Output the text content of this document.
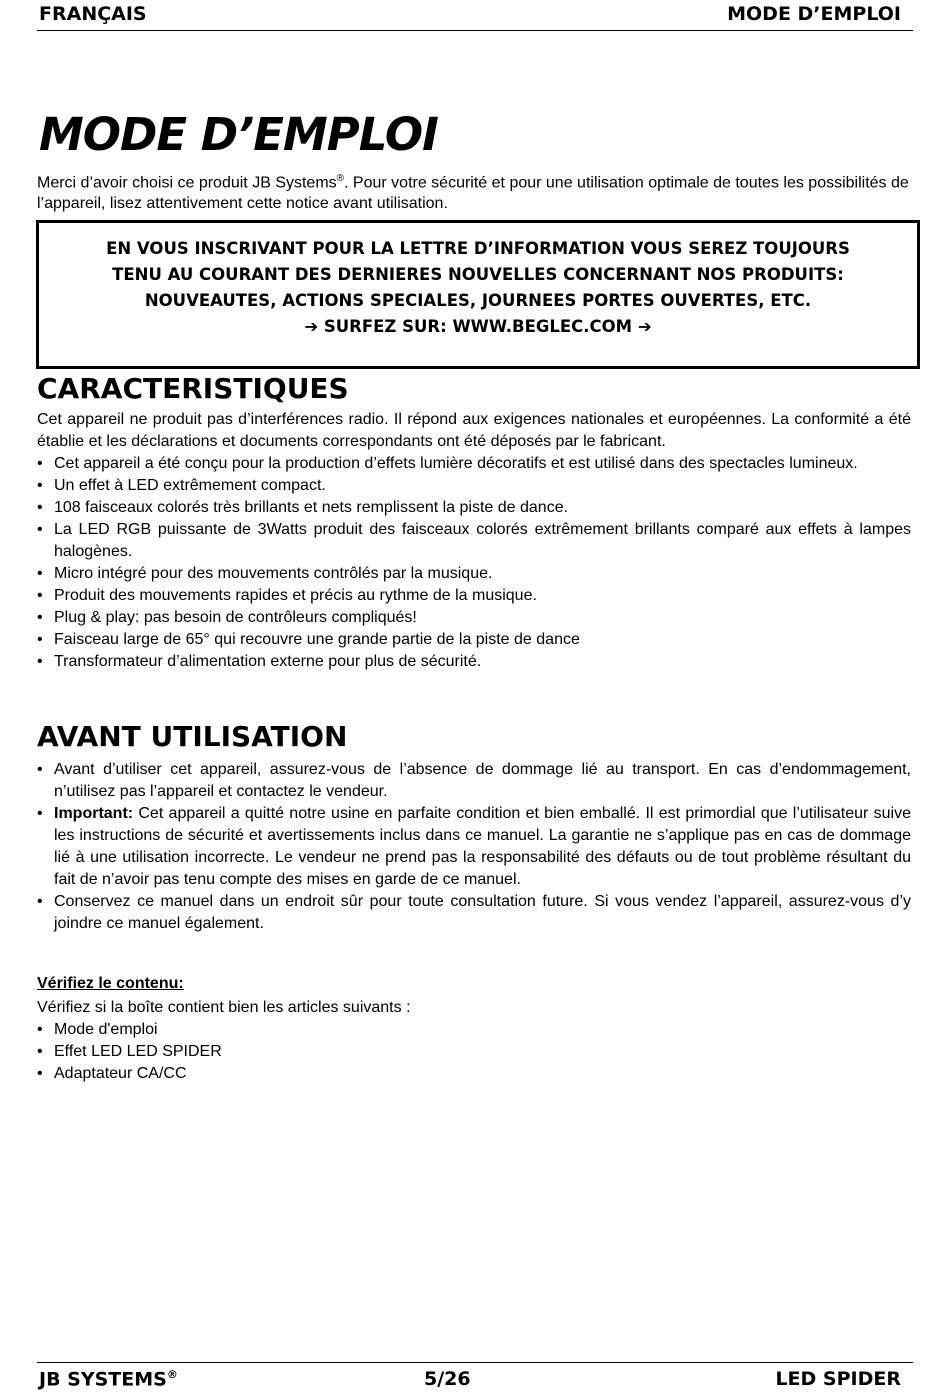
FRANÇAIS	MODE D’EMPLOI
MODE D’EMPLOI

Merci d’avoir choisi ce produit JB Systems®. Pour votre sécurité et pour une utilisation optimale de toutes les possibilités de l’appareil, lisez attentivement cette notice avant utilisation.

EN VOUS INSCRIVANT POUR LA LETTRE D’INFORMATION VOUS SEREZ TOUJOURS
TENU AU COURANT DES DERNIERES NOUVELLES CONCERNANT NOS PRODUITS:
NOUVEAUTES, ACTIONS SPECIALES, JOURNEES PORTES OUVERTES, ETC.
➔ SURFEZ SUR: WWW.BEGLEC.COM ➔
CARACTERISTIQUES

Cet appareil ne produit pas d’interférences radio. Il répond aux exigences nationales et européennes. La conformité a été établie et les déclarations et documents correspondants ont été déposés par le fabricant.

• Cet appareil a été conçu pour la production d’effets lumière décoratifs et est utilisé dans des spectacles lumineux.
• Un effet à LED extrêmement compact.
• 108 faisceaux colorés très brillants et nets remplissent la piste de dance.
• La LED RGB puissante de 3Watts produit des faisceaux colorés extrêmement brillants comparé aux effets à lampes halogènes.
• Micro intégré pour des mouvements contrôlés par la musique.
• Produit des mouvements rapides et précis au rythme de la musique.
• Plug & play: pas besoin de contrôleurs compliqués!
• Faisceau large de 65° qui recouvre une grande partie de la piste de dance
• Transformateur d’alimentation externe pour plus de sécurité.
AVANT UTILISATION
• Avant d’utiliser cet appareil, assurez-vous de l’absence de dommage lié au transport. En cas d’endommagement, n’utilisez pas l’appareil et contactez le vendeur.
• Important: Cet appareil a quitté notre usine en parfaite condition et bien emballé. Il est primordial que l’utilisateur suive les instructions de sécurité et avertissements inclus dans ce manuel. La garantie ne s’applique pas en cas de dommage lié à une utilisation incorrecte. Le vendeur ne prend pas la responsabilité des défauts ou de tout problème résultant du fait de n’avoir pas tenu compte des mises en garde de ce manuel.
• Conservez ce manuel dans un endroit sûr pour toute consultation future. Si vous vendez l’appareil, assurez-vous d’y joindre ce manuel également.

Vérifiez le contenu:

Vérifiez si la boîte contient bien les articles suivants :

• Mode d'emploi
• Effet LED LED SPIDER
• Adaptateur CA/CC
JB SYSTEMS®	5/26	LED SPIDER
